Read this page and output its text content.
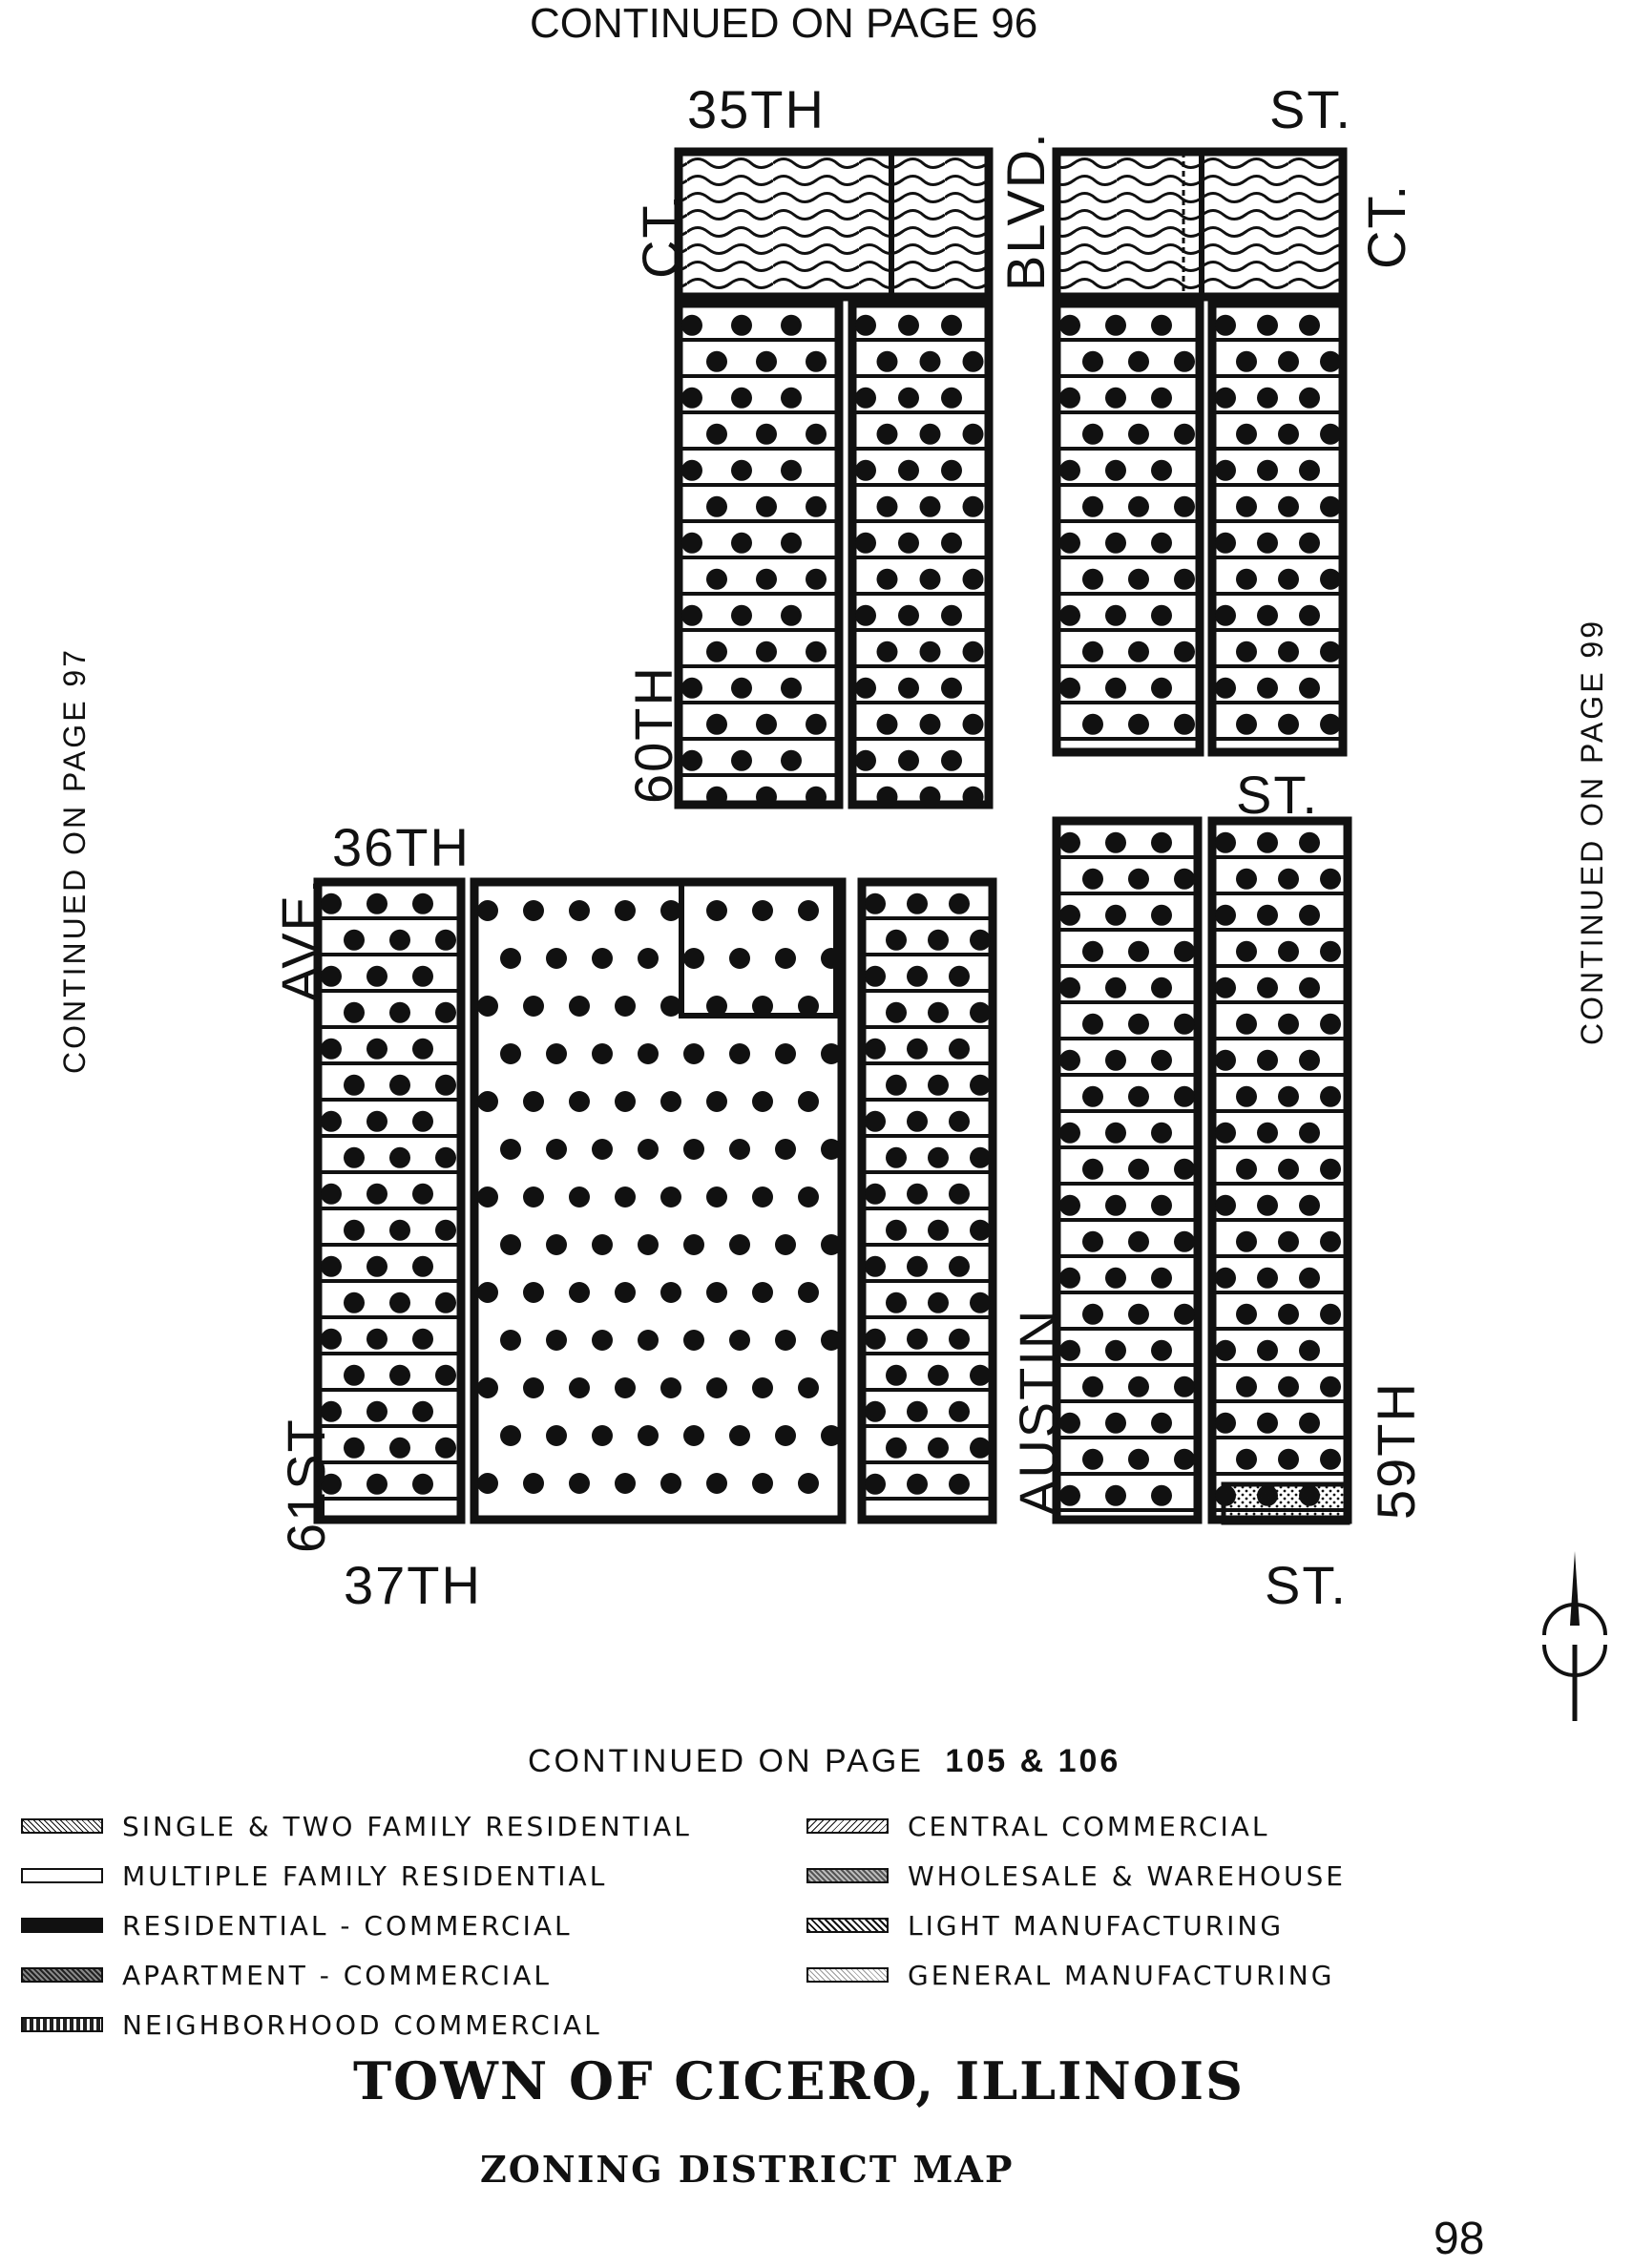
CONTINUED ON PAGE 96
35TH	ST.
CT.	BLVD.	CT.
60TH	ST.
36TH
AVE.
AUSTIN
61ST	59TH
37TH	ST.
CONTINUED ON PAGE 97	CONTINUED ON PAGE 99
CONTINUED ON PAGE 105 & 106
SINGLE & TWO FAMILY RESIDENTIAL
MULTIPLE FAMILY RESIDENTIAL
RESIDENTIAL - COMMERCIAL
APARTMENT - COMMERCIAL
NEIGHBORHOOD COMMERCIAL
CENTRAL COMMERCIAL
WHOLESALE & WAREHOUSE
LIGHT MANUFACTURING
GENERAL MANUFACTURING
TOWN OF CICERO, ILLINOIS
ZONING DISTRICT MAP
98
